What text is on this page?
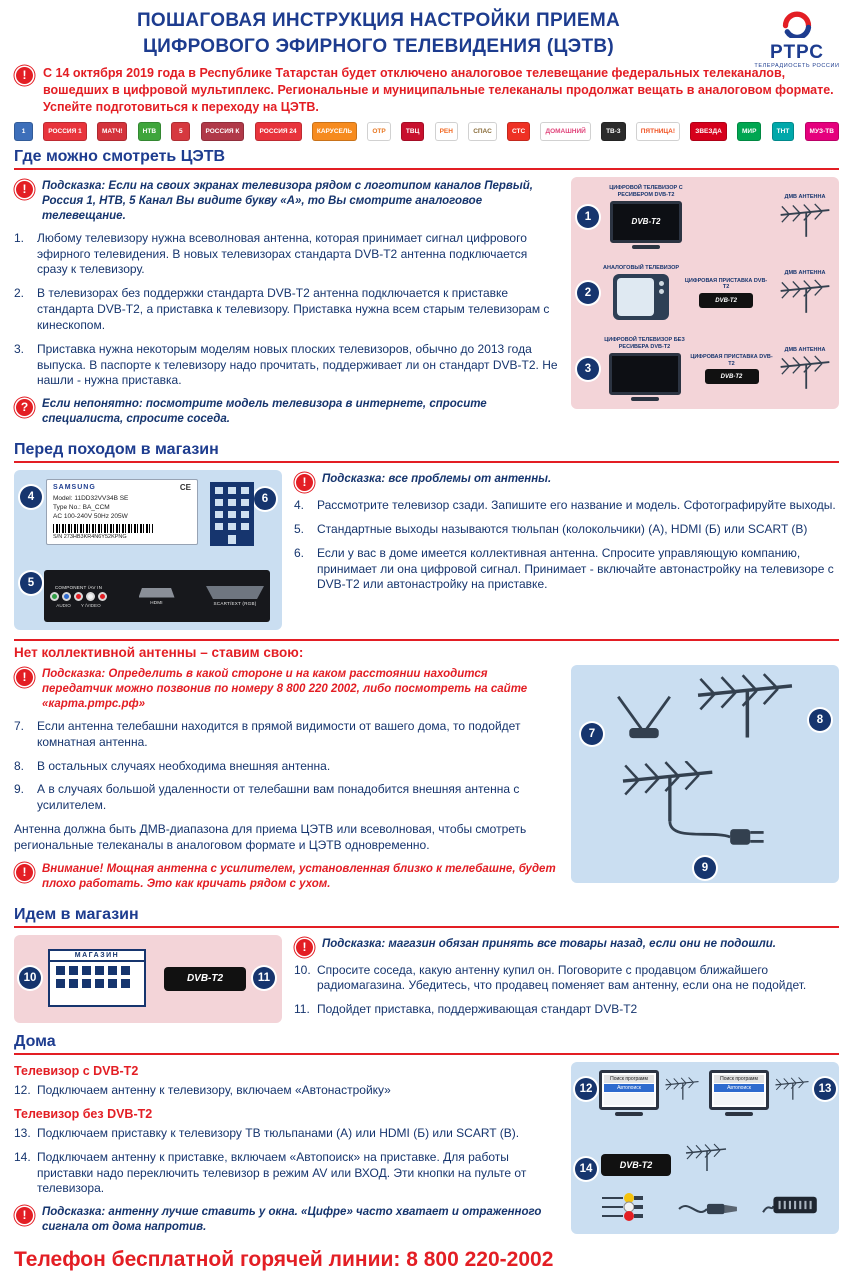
ПОШАГОВАЯ ИНСТРУКЦИЯ НАСТРОЙКИ ПРИЕМА
ЦИФРОВОГО ЭФИРНОГО ТЕЛЕВИДЕНИЯ (ЦЭТВ)	РТРС
ТЕЛЕРАДИОСЕТЬ РОССИИ
!	С 14 октября 2019 года в Республике Татарстан будет отключено аналоговое телевещание федеральных телеканалов, вошедших в цифровой мультиплекс. Региональные и муниципальные телеканалы продолжат вещать в аналоговом формате. Успейте подготовиться к переходу на ЦЭТВ.
1	РОССИЯ 1	МАТЧ!	НТВ	5	РОССИЯ К	РОССИЯ 24	КАРУСЕЛЬ	ОТР	ТВЦ	РЕН	СПАС	СТС	ДОМАШНИЙ	ТВ-3	ПЯТНИЦА!	ЗВЕЗДА	МИР	ТНТ	МУЗ-ТВ
Где можно смотреть ЦЭТВ
!	Подсказка: Если на своих экранах телевизора рядом с логотипом каналов Первый, Россия 1, НТВ, 5 Канал Вы видите букву «А», то Вы смотрите аналоговое телевещание.
1.	Любому телевизору нужна всеволновая антенна, которая принимает сигнал цифрового эфирного телевидения. В новых телевизорах стандарта DVB-T2 антенна подключается сразу к телевизору.
2.	В телевизорах без поддержки стандарта DVB-T2 антенна подключается к приставке стандарта DVB-T2, а приставка к телевизору. Приставка нужна всем старым телевизорам с кинескопом.
3.	Приставка нужна некоторым моделям новых плоских телевизоров, обычно до 2013 года выпуска. В паспорте к телевизору надо прочитать, поддерживает ли он стандарт DVB-T2. Не нашли - нужна приставка.
?	Если непонятно: посмотрите модель телевизора в интернете, спросите специалиста, спросите соседа.
1
ЦИФРОВОЙ ТЕЛЕВИЗОР С РЕСИВЕРОМ DVB-T2
DVB-T2
ДМВ АНТЕННА
2
АНАЛОГОВЫЙ ТЕЛЕВИЗОР
ЦИФРОВАЯ ПРИСТАВКА DVB-T2
DVB-T2
ДМВ АНТЕННА
3
ЦИФРОВОЙ ТЕЛЕВИЗОР БЕЗ РЕСИВЕРА DVB-T2
ЦИФРОВАЯ ПРИСТАВКА DVB-T2
DVB-T2
ДМВ АНТЕННА
Перед походом в магазин
4	6
5
SAMSUNG	CE
Model: 11DD32VV34B SE
Type No.: BA_CCM
AC 100-240V 50Hz 205W
S/N 273HB3KR4N6Y52KPNG
COMPONENT /AV IN
AUDIO Y /VIDEO
HDMI	SCART/EXT (RGB)
!	Подсказка: все проблемы от антенны.
4.	Рассмотрите телевизор сзади. Запишите его название и модель. Сфотографируйте выходы.
5.	Стандартные выходы называются тюльпан (колокольчики) (А), HDMI (Б) или SCART (В)
6.	Если у вас в доме имеется коллективная антенна. Спросите управляющую компанию, принимает ли она цифровой сигнал. Принимает - включайте автонастройку на телевизоре с DVB-T2 или автонастройку на приставке.
Нет коллективной антенны – ставим свою:
!	Подсказка: Определить в какой стороне и на каком расстоянии находится передатчик можно позвонив по номеру 8 800 220 2002, либо посмотреть на сайте «карта.ртрс.рф»
7.	Если антенна телебашни находится в прямой видимости от вашего дома, то подойдет комнатная антенна.
8.	В остальных случаях необходима внешняя антенна.
9.	А в случаях большой удаленности от телебашни вам понадобится внешняя антенна с усилителем.
Антенна должна быть ДМВ-диапазона для приема ЦЭТВ или всеволновая, чтобы смотреть региональные телеканалы в аналоговом формате и ЦЭТВ одновременно.
!	Внимание! Мощная антенна с усилителем, установленная близко к телебашне, будет плохо работать. Это как кричать рядом с ухом.
7
8
9
Идем в магазин
10	11
МАГАЗИН
DVB-T2
!	Подсказка: магазин обязан принять все товары назад, если они не подошли.
10. Спросите соседа, какую антенну купил он. Поговорите с продавцом ближайшего радиомагазина. Убедитесь, что продавец поменяет вам антенну, если она не подойдет.
11. Подойдет приставка, поддерживающая стандарт DVB-T2
Дома
Телевизор с DVB-T2
12. Подключаем антенну к телевизору, включаем «Автонастройку»
Телевизор без DVB-T2
13. Подключаем приставку к телевизору ТВ тюльпанами (А) или HDMI (Б) или SCART (В).
14. Подключаем антенну к приставке, включаем «Автопоиск» на приставке. Для работы приставки надо переключить телевизор в режим AV или ВХОД. Эти кнопки на пульте от телевизора.
!	Подсказка: антенну лучше ставить у окна. «Цифре» часто хватает и отраженного сигнала от дома напротив.
12	13
14
Поиск программ
Автопоиск
Поиск программ
Автопоиск
DVB-T2
Телефон бесплатной горячей линии: 8 800 220-2002
